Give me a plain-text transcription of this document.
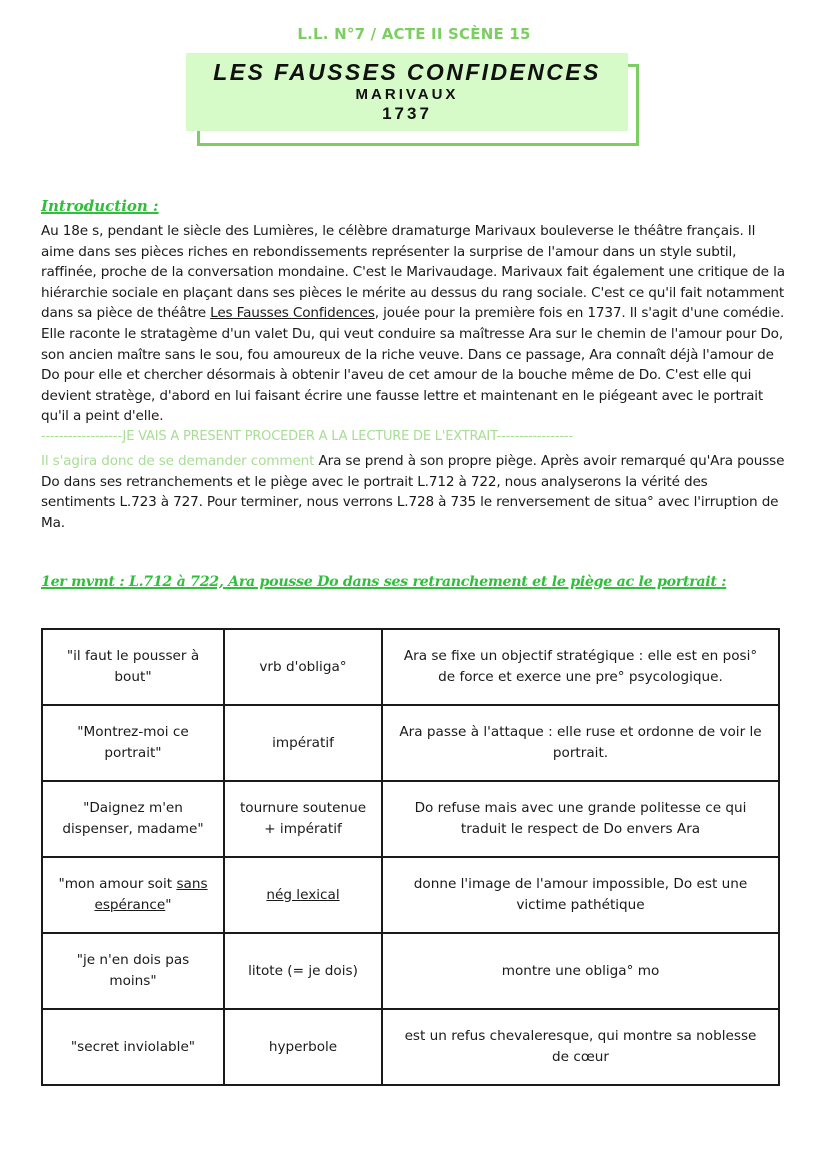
L.L. N°7 / ACTE II SCÈNE 15
LES FAUSSES CONFIDENCES
MARIVAUX
1737
Introduction :
Au 18e s, pendant le siècle des Lumières, le célèbre dramaturge Marivaux bouleverse le théâtre français. Il aime dans ses pièces riches en rebondissements représenter la surprise de l'amour dans un style subtil, raffinée, proche de la conversation mondaine. C'est le Marivaudage. Marivaux fait également une critique de la hiérarchie sociale en plaçant dans ses pièces le mérite au dessus du rang sociale. C'est ce qu'il fait notamment dans sa pièce de théâtre Les Fausses Confidences, jouée pour la première fois en 1737. Il s'agit d'une comédie. Elle raconte le stratagème d'un valet Du, qui veut conduire sa maîtresse Ara sur le chemin de l'amour pour Do, son ancien maître sans le sou, fou amoureux de la riche veuve. Dans ce passage, Ara connaît déjà l'amour de Do pour elle et chercher désormais à obtenir l'aveu de cet amour de la bouche même de Do. C'est elle qui devient stratège, d'abord en lui faisant écrire une fausse lettre et maintenant en le piégeant avec le portrait qu'il a peint d'elle.
------------------JE VAIS A PRESENT PROCEDER A LA LECTURE DE L'EXTRAIT-----------------
Il s'agira donc de se demander comment Ara se prend à son propre piège. Après avoir remarqué qu'Ara pousse Do dans ses retranchements et le piège avec le portrait L.712 à 722, nous analyserons la vérité des sentiments L.723 à 727. Pour terminer, nous verrons L.728 à 735 le renversement de situa° avec l'irruption de Ma.
1er mvmt : L.712 à 722, Ara pousse Do dans ses retranchement et le piège ac le portrait :
"il faut le pousser à bout"	vrb d'obliga°	Ara se fixe un objectif stratégique : elle est en posi° de force et exerce une pre° psycologique.
"Montrez-moi ce portrait"	impératif	Ara passe à l'attaque : elle ruse et ordonne de voir le portrait.
"Daignez m'en dispenser, madame"	tournure soutenue + impératif	Do refuse mais avec une grande politesse ce qui traduit le respect de Do envers Ara
"mon amour soit sans espérance"	nég lexical	donne l'image de l'amour impossible, Do est une victime pathétique
"je n'en dois pas moins"	litote (= je dois)	montre une obliga° mo
"secret inviolable"	hyperbole	est un refus chevaleresque, qui montre sa noblesse de cœur
